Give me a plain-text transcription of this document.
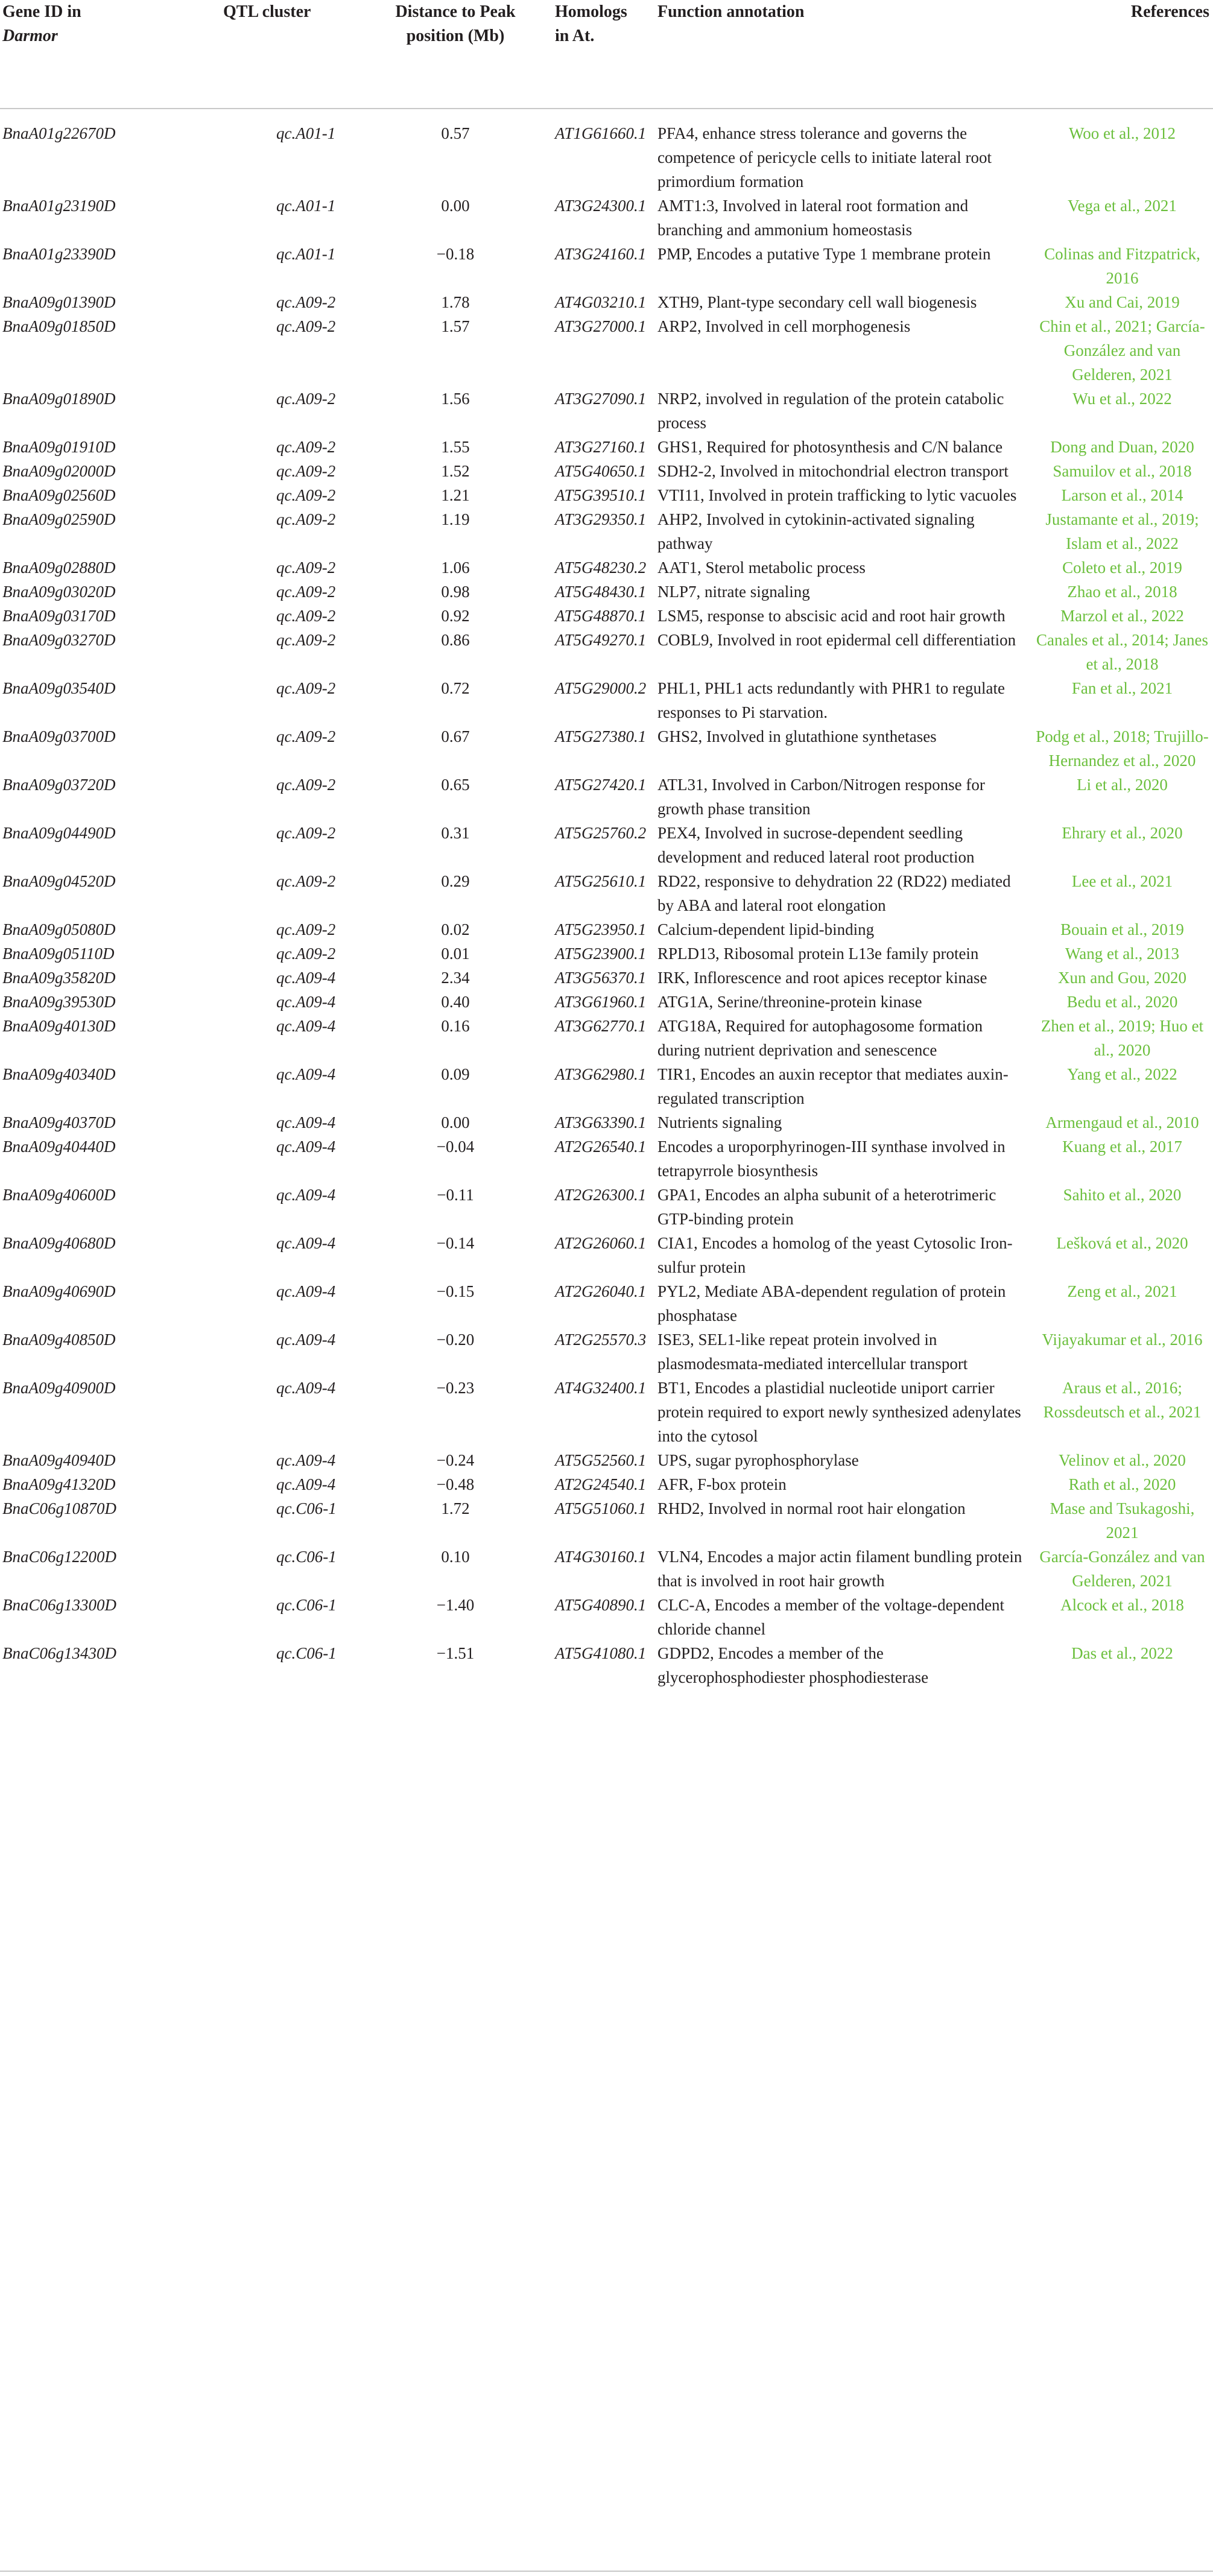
Gene ID in
Darmor	QTL cluster	Distance to Peak position (Mb)	Homologs in At.	Function annotation	References
BnaA01g22670D	qc.A01-1	0.57	AT1G61660.1	PFA4, enhance stress tolerance and governs the competence of pericycle cells to initiate lateral root primordium formation	Woo et al., 2012
BnaA01g23190D	qc.A01-1	0.00	AT3G24300.1	AMT1:3, Involved in lateral root formation and branching and ammonium homeostasis	Vega et al., 2021
BnaA01g23390D	qc.A01-1	−0.18	AT3G24160.1	PMP, Encodes a putative Type 1 membrane protein	Colinas and Fitzpatrick, 2016
BnaA09g01390D	qc.A09-2	1.78	AT4G03210.1	XTH9, Plant-type secondary cell wall biogenesis	Xu and Cai, 2019
BnaA09g01850D	qc.A09-2	1.57	AT3G27000.1	ARP2, Involved in cell morphogenesis	Chin et al., 2021; García-González and van Gelderen, 2021
BnaA09g01890D	qc.A09-2	1.56	AT3G27090.1	NRP2, involved in regulation of the protein catabolic process	Wu et al., 2022
BnaA09g01910D	qc.A09-2	1.55	AT3G27160.1	GHS1, Required for photosynthesis and C/N balance	Dong and Duan, 2020
BnaA09g02000D	qc.A09-2	1.52	AT5G40650.1	SDH2-2, Involved in mitochondrial electron transport	Samuilov et al., 2018
BnaA09g02560D	qc.A09-2	1.21	AT5G39510.1	VTI11, Involved in protein trafficking to lytic vacuoles	Larson et al., 2014
BnaA09g02590D	qc.A09-2	1.19	AT3G29350.1	AHP2, Involved in cytokinin-activated signaling pathway	Justamante et al., 2019; Islam et al., 2022
BnaA09g02880D	qc.A09-2	1.06	AT5G48230.2	AAT1, Sterol metabolic process	Coleto et al., 2019
BnaA09g03020D	qc.A09-2	0.98	AT5G48430.1	NLP7, nitrate signaling	Zhao et al., 2018
BnaA09g03170D	qc.A09-2	0.92	AT5G48870.1	LSM5, response to abscisic acid and root hair growth	Marzol et al., 2022
BnaA09g03270D	qc.A09-2	0.86	AT5G49270.1	COBL9, Involved in root epidermal cell differentiation	Canales et al., 2014; Janes et al., 2018
BnaA09g03540D	qc.A09-2	0.72	AT5G29000.2	PHL1, PHL1 acts redundantly with PHR1 to regulate responses to Pi starvation.	Fan et al., 2021
BnaA09g03700D	qc.A09-2	0.67	AT5G27380.1	GHS2, Involved in glutathione synthetases	Podg et al., 2018; Trujillo-Hernandez et al., 2020
BnaA09g03720D	qc.A09-2	0.65	AT5G27420.1	ATL31, Involved in Carbon/Nitrogen response for growth phase transition	Li et al., 2020
BnaA09g04490D	qc.A09-2	0.31	AT5G25760.2	PEX4, Involved in sucrose-dependent seedling development and reduced lateral root production	Ehrary et al., 2020
BnaA09g04520D	qc.A09-2	0.29	AT5G25610.1	RD22, responsive to dehydration 22 (RD22) mediated by ABA and lateral root elongation	Lee et al., 2021
BnaA09g05080D	qc.A09-2	0.02	AT5G23950.1	Calcium-dependent lipid-binding	Bouain et al., 2019
BnaA09g05110D	qc.A09-2	0.01	AT5G23900.1	RPLD13, Ribosomal protein L13e family protein	Wang et al., 2013
BnaA09g35820D	qc.A09-4	2.34	AT3G56370.1	IRK, Inflorescence and root apices receptor kinase	Xun and Gou, 2020
BnaA09g39530D	qc.A09-4	0.40	AT3G61960.1	ATG1A, Serine/threonine-protein kinase	Bedu et al., 2020
BnaA09g40130D	qc.A09-4	0.16	AT3G62770.1	ATG18A, Required for autophagosome formation during nutrient deprivation and senescence	Zhen et al., 2019; Huo et al., 2020
BnaA09g40340D	qc.A09-4	0.09	AT3G62980.1	TIR1, Encodes an auxin receptor that mediates auxin-regulated transcription	Yang et al., 2022
BnaA09g40370D	qc.A09-4	0.00	AT3G63390.1	Nutrients signaling	Armengaud et al., 2010
BnaA09g40440D	qc.A09-4	−0.04	AT2G26540.1	Encodes a uroporphyrinogen-III synthase involved in tetrapyrrole biosynthesis	Kuang et al., 2017
BnaA09g40600D	qc.A09-4	−0.11	AT2G26300.1	GPA1, Encodes an alpha subunit of a heterotrimeric GTP-binding protein	Sahito et al., 2020
BnaA09g40680D	qc.A09-4	−0.14	AT2G26060.1	CIA1, Encodes a homolog of the yeast Cytosolic Iron-sulfur protein	Lešková et al., 2020
BnaA09g40690D	qc.A09-4	−0.15	AT2G26040.1	PYL2, Mediate ABA-dependent regulation of protein phosphatase	Zeng et al., 2021
BnaA09g40850D	qc.A09-4	−0.20	AT2G25570.3	ISE3, SEL1-like repeat protein involved in plasmodesmata-mediated intercellular transport	Vijayakumar et al., 2016
BnaA09g40900D	qc.A09-4	−0.23	AT4G32400.1	BT1, Encodes a plastidial nucleotide uniport carrier protein required to export newly synthesized adenylates into the cytosol	Araus et al., 2016; Rossdeutsch et al., 2021
BnaA09g40940D	qc.A09-4	−0.24	AT5G52560.1	UPS, sugar pyrophosphorylase	Velinov et al., 2020
BnaA09g41320D	qc.A09-4	−0.48	AT2G24540.1	AFR, F-box protein	Rath et al., 2020
BnaC06g10870D	qc.C06-1	1.72	AT5G51060.1	RHD2, Involved in normal root hair elongation	Mase and Tsukagoshi, 2021
BnaC06g12200D	qc.C06-1	0.10	AT4G30160.1	VLN4, Encodes a major actin filament bundling protein that is involved in root hair growth	García-González and van Gelderen, 2021
BnaC06g13300D	qc.C06-1	−1.40	AT5G40890.1	CLC-A, Encodes a member of the voltage-dependent chloride channel	Alcock et al., 2018
BnaC06g13430D	qc.C06-1	−1.51	AT5G41080.1	GDPD2, Encodes a member of the glycerophosphodiester phosphodiesterase	Das et al., 2022
